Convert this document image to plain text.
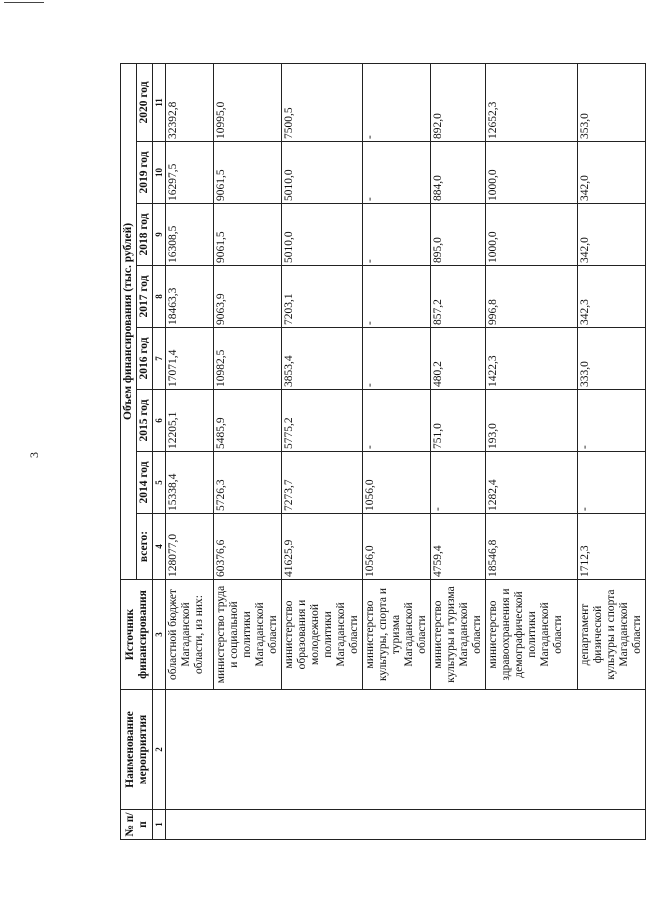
3
№ п/п	Наименование мероприятия	Источник финансирования	Объем финансирования (тыс. рублей)							
			всего:	2014 год	2015 год	2016 год	2017 год	2018 год	2019 год	2020 год
1	2	3	4	5	6	7	8	9	10	11
		областной бюджет Магаданской области, из них:	128077,0	15338,4	12205,1	17071,4	18463,3	16308,5	16297,5	32392,8
		министерство труда и социальной политики Магаданской области	60376,6	5726,3	5485,9	10982,5	9063,9	9061,5	9061,5	10995,0
		министерство образования и молодежной политики Магаданской области	41625,9	7273,7	5775,2	3853,4	7203,1	5010,0	5010,0	7500,5
		министерство культуры, спорта и туризма Магаданской области	1056,0	1056,0	-	-	-	-	-	-
		министерство культуры и туризма Магаданской области	4759,4	-	751,0	480,2	857,2	895,0	884,0	892,0
		министерство здравоохранения и демографической политики Магаданской области	18546,8	1282,4	193,0	1422,3	996,8	1000,0	1000,0	12652,3
		департамент физической культуры и спорта Магаданской области	1712,3	-	-	333,0	342,3	342,0	342,0	353,0
